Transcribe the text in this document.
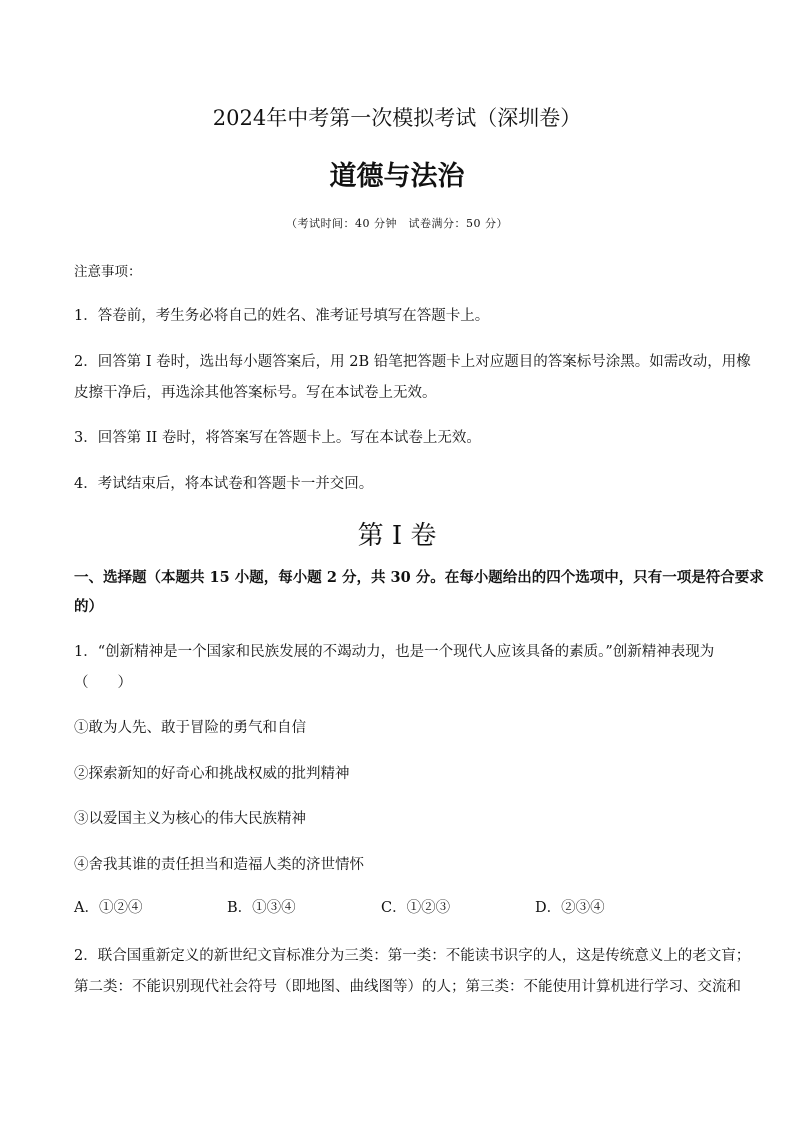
2024年中考第一次模拟考试（深圳卷）
道德与法治
（考试时间：40 分钟　试卷满分：50 分）
注意事项：
1．答卷前，考生务必将自己的姓名、准考证号填写在答题卡上。
2．回答第 I 卷时，选出每小题答案后，用 2B 铅笔把答题卡上对应题目的答案标号涂黑。如需改动，用橡
皮擦干净后，再选涂其他答案标号。写在本试卷上无效。
3．回答第 II 卷时，将答案写在答题卡上。写在本试卷上无效。
4．考试结束后，将本试卷和答题卡一并交回。
第 I 卷
一、选择题（本题共 15 小题，每小题 2 分，共 30 分。在每小题给出的四个选项中，只有一项是符合要求
的）
1．“创新精神是一个国家和民族发展的不竭动力，也是一个现代人应该具备的素质。”创新精神表现为
（　　）
①敢为人先、敢于冒险的勇气和自信
②探索新知的好奇心和挑战权威的批判精神
③以爱国主义为核心的伟大民族精神
④舍我其谁的责任担当和造福人类的济世情怀
A．①②④	B．①③④	C．①②③	D．②③④
2．联合国重新定义的新世纪文盲标准分为三类：第一类：不能读书识字的人，这是传统意义上的老文盲；
第二类：不能识别现代社会符号（即地图、曲线图等）的人；第三类：不能使用计算机进行学习、交流和
